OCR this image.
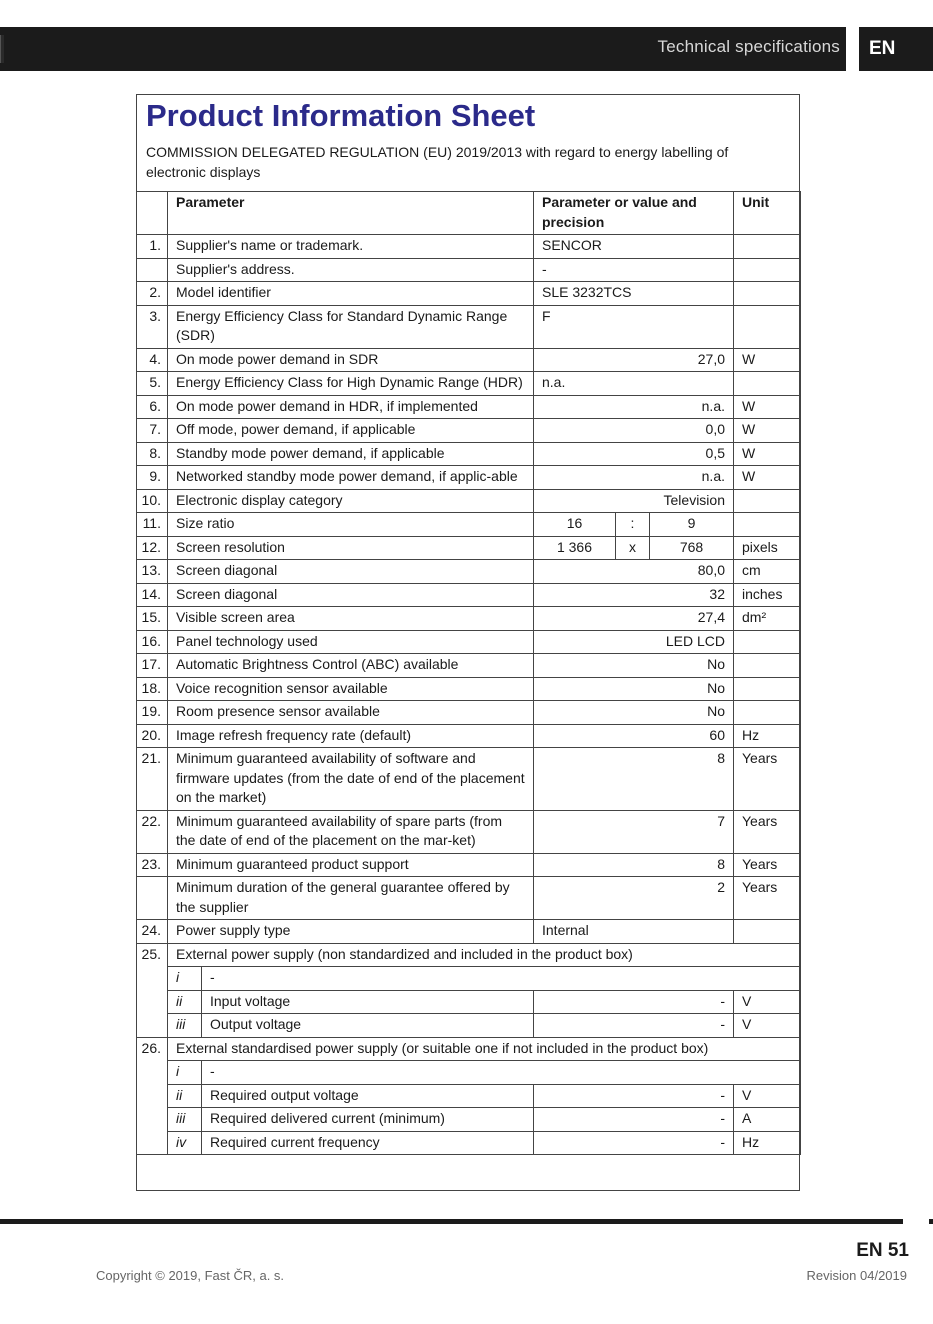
Technical specifications	EN
Product Information Sheet
COMMISSION DELEGATED REGULATION (EU) 2019/2013 with regard to energy labelling of electronic displays
	Parameter		Parameter or value and precision			Unit
1.	Supplier's name or trademark.		SENCOR			
	Supplier's address.		-			
2.	Model identifier		SLE 3232TCS			
3.	Energy Efficiency Class for Standard Dynamic Range (SDR)		F			
4.	On mode power demand in SDR		27,0			W
5.	Energy Efficiency Class for High Dynamic Range (HDR)		n.a.			
6.	On mode power demand in HDR, if implemented		n.a.			W
7.	Off mode, power demand, if applicable		0,0			W
8.	Standby mode power demand, if applicable		0,5			W
9.	Networked standby mode power demand, if applic-able		n.a.			W
10.	Electronic display category		Television			
11.	Size ratio		16	:	9	
12.	Screen resolution		1 366	x	768	pixels
13.	Screen diagonal		80,0			cm
14.	Screen diagonal		32			inches
15.	Visible screen area		27,4			dm²
16.	Panel technology used		LED LCD			
17.	Automatic Brightness Control (ABC) available		No			
18.	Voice recognition sensor available		No			
19.	Room presence sensor available		No			
20.	Image refresh frequency rate (default)		60			Hz
21.	Minimum guaranteed availability of software and firmware updates (from the date of end of the placement on the market)		8			Years
22.	Minimum guaranteed availability of spare parts (from the date of end of the placement on the mar-ket)		7			Years
23.	Minimum guaranteed product support		8			Years
	Minimum duration of the general guarantee offered by the supplier		2			Years
24.	Power supply type		Internal			
25.	External power supply (non standardized and included in the product box)					
	i	-				
	ii	Input voltage	-			V
	iii	Output voltage	-			V
26.	External standardised power supply (or suitable one if not included in the product box)					
	i	-				
	ii	Required output voltage	-			V
	iii	Required delivered current (minimum)	-			A
	iv	Required current frequency	-			Hz
EN 51
Copyright © 2019, Fast ČR, a. s.	Revision 04/2019
